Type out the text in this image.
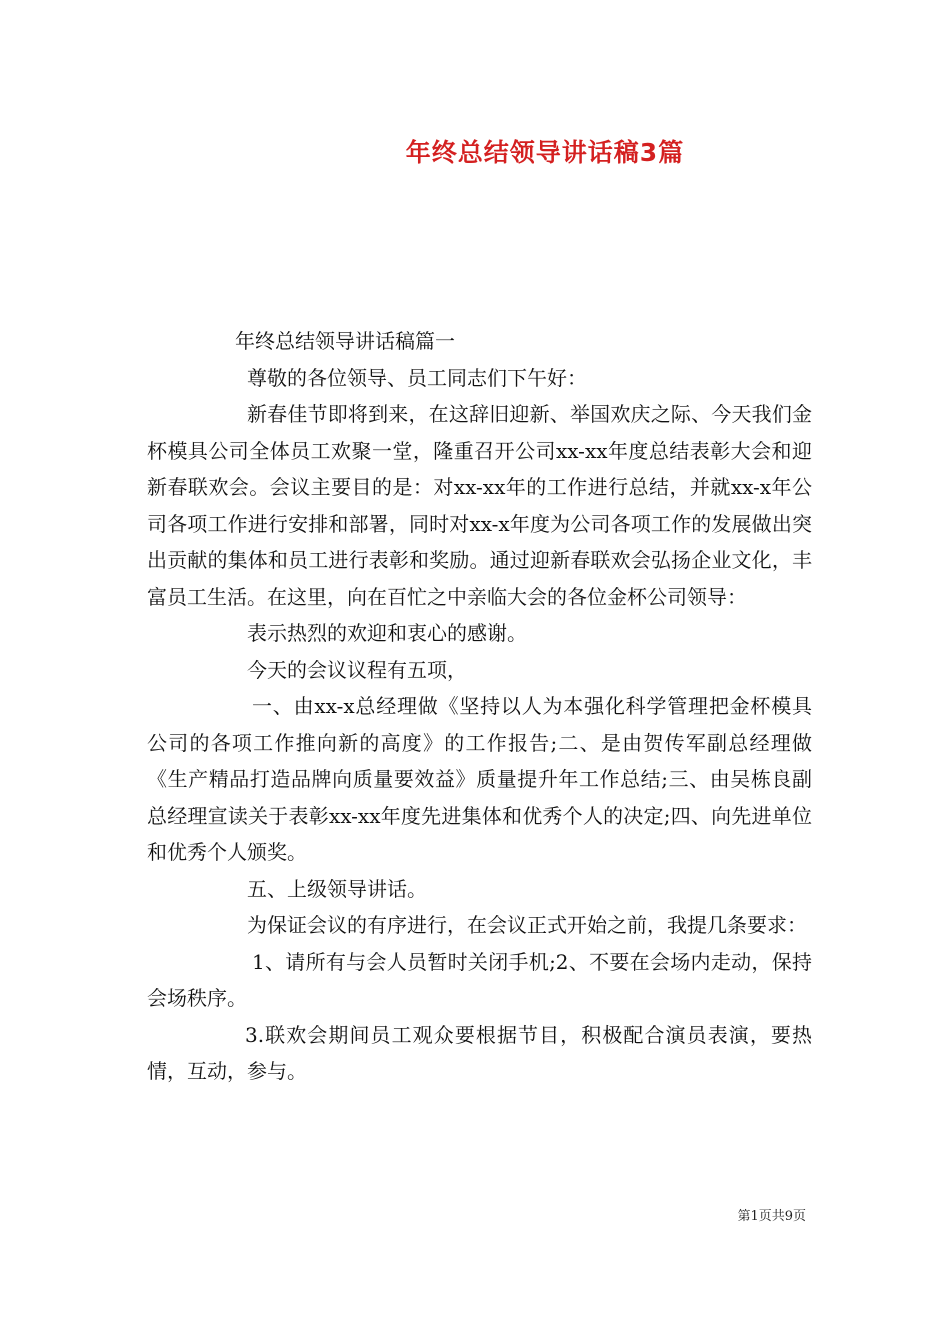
年终总结领导讲话稿3篇

年终总结领导讲话稿篇一

尊敬的各位领导、员工同志们下午好：

新春佳节即将到来，在这辞旧迎新、举国欢庆之际、今天我们金杯模具公司全体员工欢聚一堂，隆重召开公司xx-xx年度总结表彰大会和迎新春联欢会。会议主要目的是：对xx-xx年的工作进行总结，并就xx-x年公司各项工作进行安排和部署，同时对xx-x年度为公司各项工作的发展做出突出贡献的集体和员工进行表彰和奖励。通过迎新春联欢会弘扬企业文化，丰富员工生活。在这里，向在百忙之中亲临大会的各位金杯公司领导：

表示热烈的欢迎和衷心的感谢。

今天的会议议程有五项，

一、由xx-x总经理做《坚持以人为本强化科学管理把金杯模具公司的各项工作推向新的高度》的工作报告;二、是由贺传军副总经理做《生产精品打造品牌向质量要效益》质量提升年工作总结;三、由吴栋良副总经理宣读关于表彰xx-xx年度先进集体和优秀个人的决定;四、向先进单位和优秀个人颁奖。

五、上级领导讲话。

为保证会议的有序进行，在会议正式开始之前，我提几条要求：

1、请所有与会人员暂时关闭手机;2、不要在会场内走动，保持会场秩序。

3.联欢会期间员工观众要根据节目，积极配合演员表演，要热情，互动，参与。

第1页共9页
